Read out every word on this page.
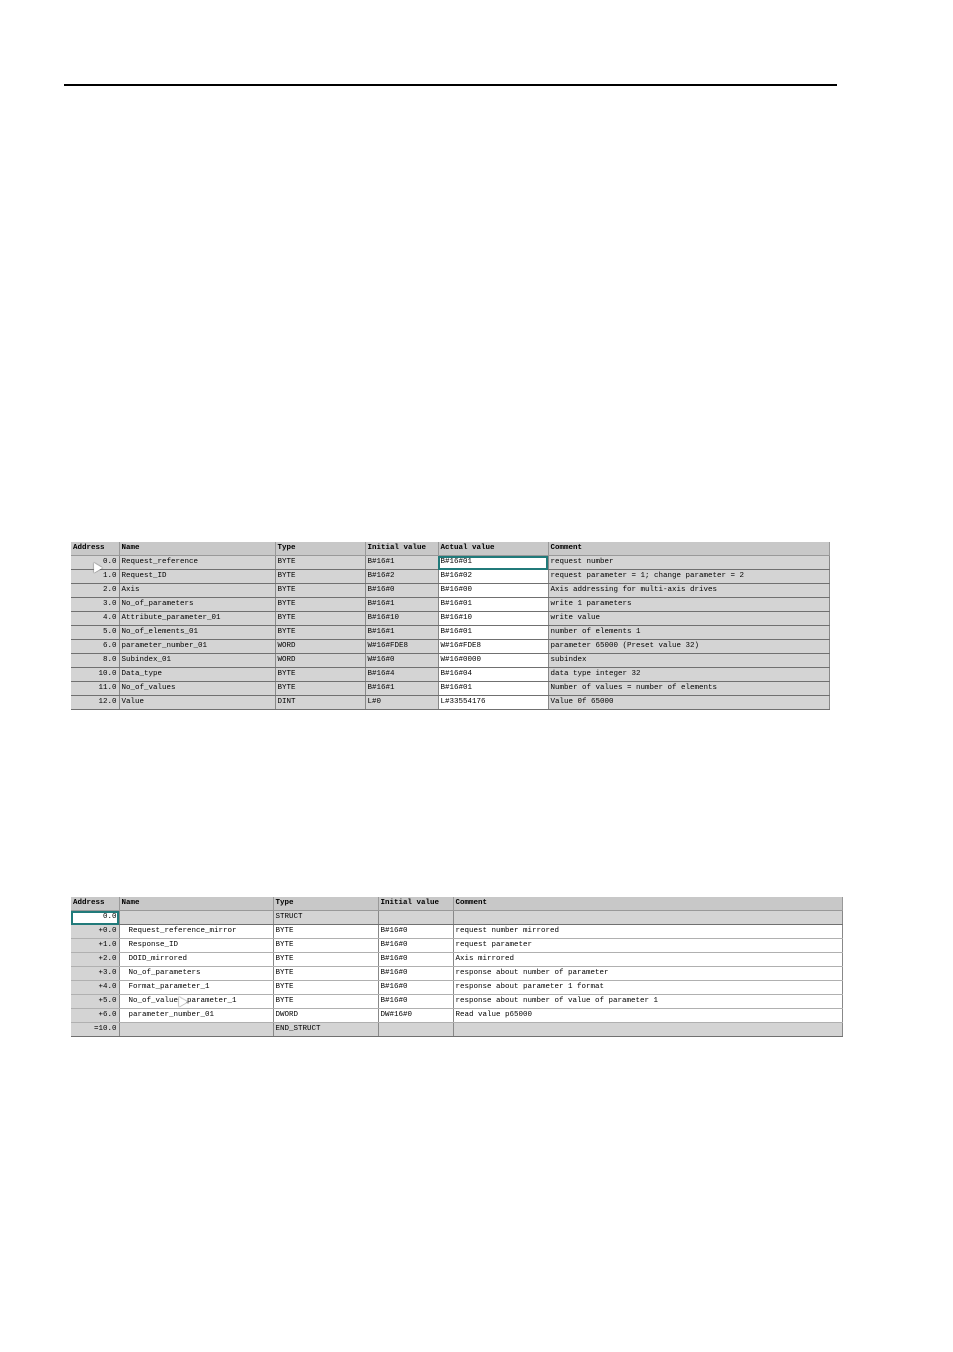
Address	Name	Type	Initial value	Actual value	Comment
0.0	Request_reference	BYTE	B#16#1	B#16#01	request number
1.0	Request_ID	BYTE	B#16#2	B#16#02	request parameter = 1; change parameter = 2
2.0	Axis	BYTE	B#16#0	B#16#00	Axis addressing for multi-axis drives
3.0	No_of_parameters	BYTE	B#16#1	B#16#01	write 1 parameters
4.0	Attribute_parameter_01	BYTE	B#16#10	B#16#10	write value
5.0	No_of_elements_01	BYTE	B#16#1	B#16#01	number of elements 1
6.0	parameter_number_01	WORD	W#16#FDE8	W#16#FDE8	parameter 65000 (Preset value 32)
8.0	Subindex_01	WORD	W#16#0	W#16#0000	subindex
10.0	Data_type	BYTE	B#16#4	B#16#04	data type integer 32
11.0	No_of_values	BYTE	B#16#1	B#16#01	Number of values = number of elements
12.0	Value	DINT	L#0	L#33554176	Value 0f 65000
Address	Name	Type	Initial value	Comment
0.0		STRUCT		
+0.0	Request_reference_mirror	BYTE	B#16#0	request number mirrored
+1.0	Response_ID	BYTE	B#16#0	request parameter
+2.0	DOID_mirrored	BYTE	B#16#0	Axis mirrored
+3.0	No_of_parameters	BYTE	B#16#0	response about number of parameter
+4.0	Format_parameter_1	BYTE	B#16#0	response about parameter 1 format
+5.0	No_of_values_parameter_1	BYTE	B#16#0	response about number of value of parameter 1
+6.0	parameter_number_01	DWORD	DW#16#0	Read value p65000
=10.0		END_STRUCT		
